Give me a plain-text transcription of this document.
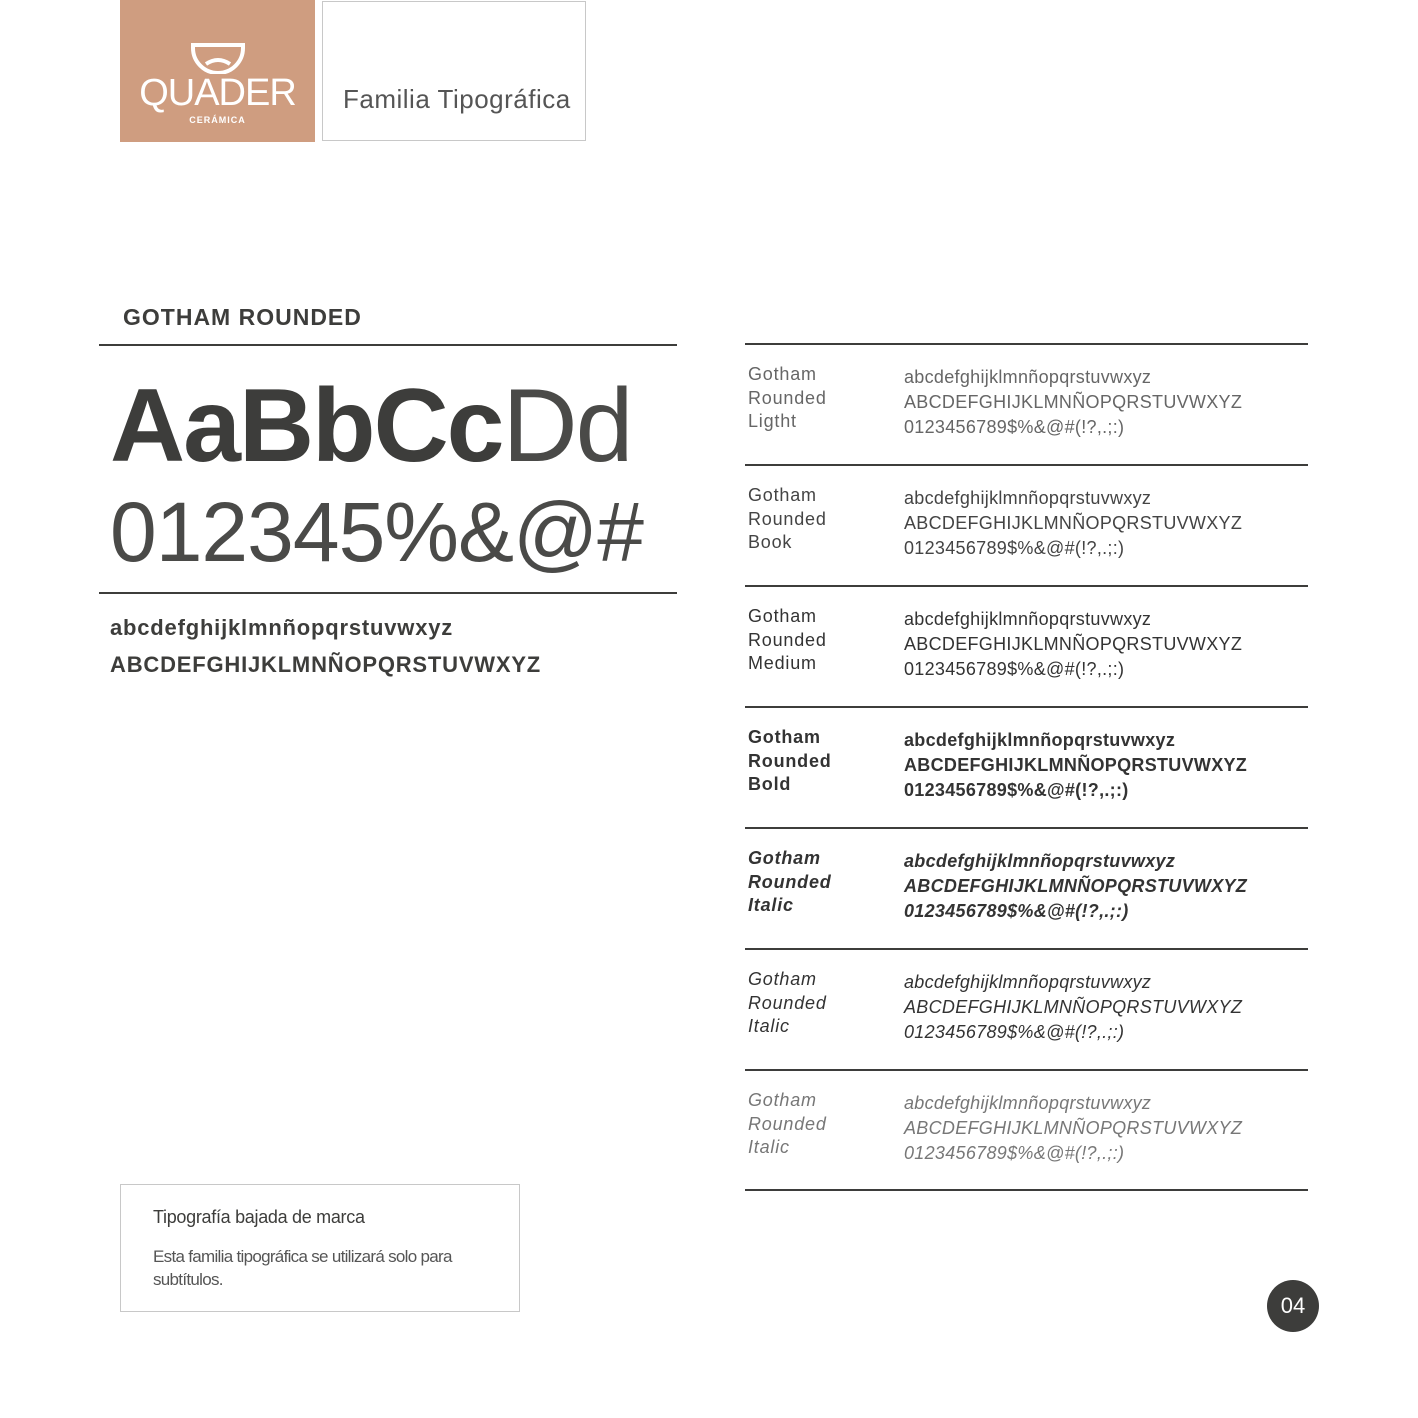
QUADER
CERÁMICA
Familia Tipográfica
GOTHAM ROUNDED
AaBbCcDd
012345%&@#
abcdefghijklmnñopqrstuvwxyz
ABCDEFGHIJKLMNÑOPQRSTUVWXYZ
Gotham
Rounded
Ligtht
abcdefghijklmnñopqrstuvwxyz
ABCDEFGHIJKLMNÑOPQRSTUVWXYZ
0123456789$%&@#(!?,.;:)
Gotham
Rounded
Book
abcdefghijklmnñopqrstuvwxyz
ABCDEFGHIJKLMNÑOPQRSTUVWXYZ
0123456789$%&@#(!?,.;:)
Gotham
Rounded
Medium
abcdefghijklmnñopqrstuvwxyz
ABCDEFGHIJKLMNÑOPQRSTUVWXYZ
0123456789$%&@#(!?,.;:)
Gotham
Rounded
Bold
abcdefghijklmnñopqrstuvwxyz
ABCDEFGHIJKLMNÑOPQRSTUVWXYZ
0123456789$%&@#(!?,.;:)
Gotham
Rounded
Italic
abcdefghijklmnñopqrstuvwxyz
ABCDEFGHIJKLMNÑOPQRSTUVWXYZ
0123456789$%&@#(!?,.;:)
Gotham
Rounded
Italic
abcdefghijklmnñopqrstuvwxyz
ABCDEFGHIJKLMNÑOPQRSTUVWXYZ
0123456789$%&@#(!?,.;:)
Gotham
Rounded
Italic
abcdefghijklmnñopqrstuvwxyz
ABCDEFGHIJKLMNÑOPQRSTUVWXYZ
0123456789$%&@#(!?,.;:)
Tipografía bajada de marca
Esta familia tipográfica se utilizará solo para subtítulos.
04
